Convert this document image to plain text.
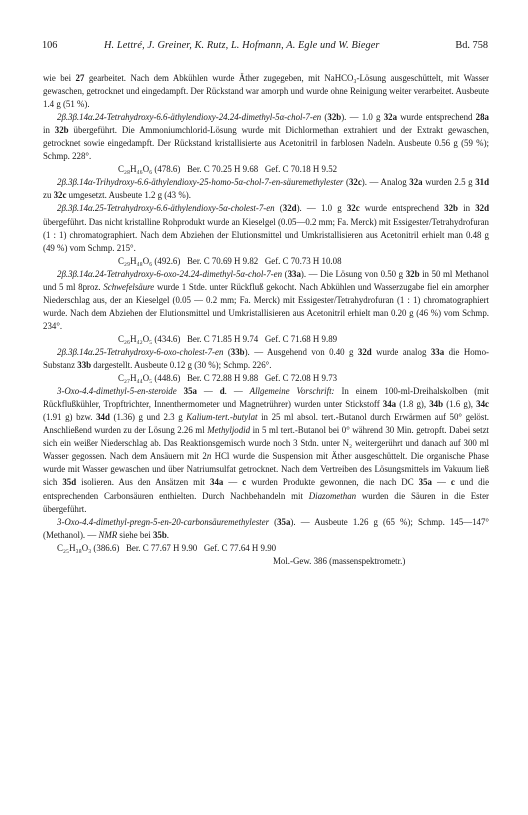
106	H. Lettré, J. Greiner, K. Rutz, L. Hofmann, A. Egle und W. Bieger	Bd. 758

wie bei 27 gearbeitet. Nach dem Abkühlen wurde Äther zugegeben, mit NaHCO₃-Lösung ausgeschüttelt, mit Wasser gewaschen, getrocknet und eingedampft. Der Rückstand war amorph und wurde ohne Reinigung weiter verarbeitet. Ausbeute 1.4 g (51 %).

2β.3β.14α.24-Tetrahydroxy-6.6-äthylendioxy-24.24-dimethyl-5α-chol-7-en (32b). — 1.0 g 32a wurde entsprechend 28a in 32b übergeführt. Die Ammoniumchlorid-Lösung wurde mit Dichlormethan extrahiert und der Extrakt gewaschen, getrocknet sowie eingedampft. Der Rückstand kristallisierte aus Acetonitril in farblosen Nadeln. Ausbeute 0.56 g (59 %); Schmp. 228°.

C₂₈H₄₆O₆ (478.6)   Ber. C 70.25 H 9.68   Gef. C 70.18 H 9.52

2β.3β.14α-Trihydroxy-6.6-äthylendioxy-25-homo-5α-chol-7-en-säuremethylester (32c). — Analog 32a wurden 2.5 g 31d zu 32c umgesetzt. Ausbeute 1.2 g (43 %).

2β.3β.14α.25-Tetrahydroxy-6.6-äthylendioxy-5α-cholest-7-en (32d). — 1.0 g 32c wurde entsprechend 32b in 32d übergeführt. Das nicht kristalline Rohprodukt wurde an Kieselgel (0.05—0.2 mm; Fa. Merck) mit Essigester/Tetrahydrofuran (1 : 1) chromatographiert. Nach dem Abziehen der Elutionsmittel und Umkristallisieren aus Acetonitril erhielt man 0.48 g (49 %) vom Schmp. 215°.

C₂₉H₄₈O₆ (492.6)   Ber. C 70.69 H 9.82   Gef. C 70.73 H 10.08

2β.3β.14α.24-Tetrahydroxy-6-oxo-24.24-dimethyl-5α-chol-7-en (33a). — Die Lösung von 0.50 g 32b in 50 ml Methanol und 5 ml 8proz. Schwefelsäure wurde 1 Stde. unter Rückfluß gekocht. Nach Abkühlen und Wasserzugabe fiel ein amorpher Niederschlag aus, der an Kieselgel (0.05 — 0.2 mm; Fa. Merck) mit Essigester/Tetrahydrofuran (1 : 1) chromatographiert wurde. Nach dem Abziehen der Elutionsmittel und Umkristallisieren aus Acetonitril erhielt man 0.20 g (46 %) vom Schmp. 234°.

C₂₆H₄₂O₅ (434.6)   Ber. C 71.85 H 9.74   Gef. C 71.68 H 9.89

2β.3β.14α.25-Tetrahydroxy-6-oxo-cholest-7-en (33b). — Ausgehend von 0.40 g 32d wurde analog 33a die Homo-Substanz 33b dargestellt. Ausbeute 0.12 g (30 %); Schmp. 226°.

C₂₇H₄₄O₅ (448.6)   Ber. C 72.88 H 9.88   Gef. C 72.08 H 9.73

3-Oxo-4.4-dimethyl-5-en-steroide 35a — d. — Allgemeine Vorschrift: In einem 100-ml-Dreihalskolben (mit Rückflußkühler, Tropftrichter, Innenthermometer und Magnetrührer) wurden unter Stickstoff 34a (1.8 g), 34b (1.6 g), 34c (1.91 g) bzw. 34d (1.36) g und 2.3 g Kalium-tert.-butylat in 25 ml absol. tert.-Butanol durch Erwärmen auf 50° gelöst. Anschließend wurden zu der Lösung 2.26 ml Methyljodid in 5 ml tert.-Butanol bei 0° während 30 Min. getropft. Dabei setzt sich ein weißer Niederschlag ab. Das Reaktionsgemisch wurde noch 3 Stdn. unter N₂ weitergerührt und danach auf 300 ml Wasser gegossen. Nach dem Ansäuern mit 2n HCl wurde die Suspension mit Äther ausgeschüttelt. Die organische Phase wurde mit Wasser gewaschen und über Natriumsulfat getrocknet. Nach dem Vertreiben des Lösungsmittels im Vakuum ließ sich 35d isolieren. Aus den Ansätzen mit 34a — c wurden Produkte gewonnen, die nach DC 35a — c und die entsprechenden Carbonsäuren enthielten. Durch Nachbehandeln mit Diazomethan wurden die Säuren in die Ester übergeführt.

3-Oxo-4.4-dimethyl-pregn-5-en-20-carbonsäuremethylester (35a). — Ausbeute 1.26 g (65 %); Schmp. 145—147° (Methanol). — NMR siehe bei 35b.

C₂₅H₃₈O₃ (386.6)   Ber. C 77.67 H 9.90   Gef. C 77.64 H 9.90

Mol.-Gew. 386 (massenspektrometr.)
